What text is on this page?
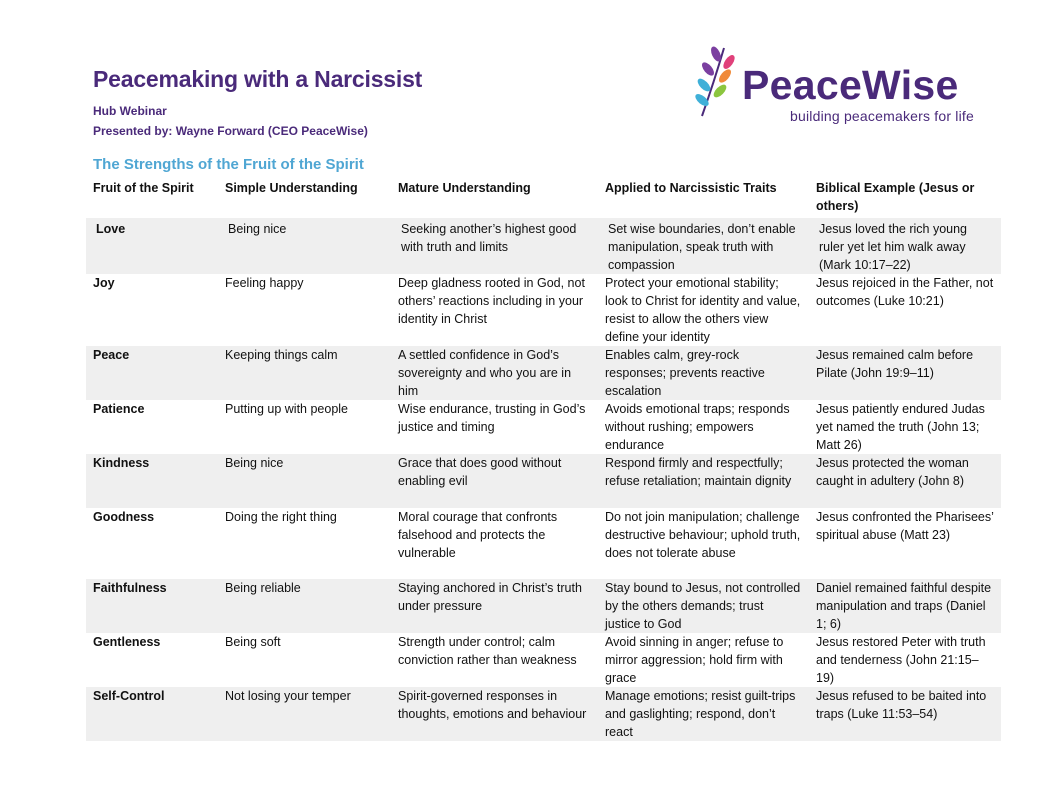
Peacemaking with a Narcissist
Hub Webinar
Presented by: Wayne Forward (CEO PeaceWise)
PeaceWise
building peacemakers for life
The Strengths of the Fruit of the Spirit
Fruit of the Spirit	Simple Understanding	Mature Understanding	Applied to Narcissistic Traits	Biblical Example (Jesus or others)
Love	Being nice	Seeking another’s highest good with truth and limits	Set wise boundaries, don’t enable manipulation, speak truth with compassion	Jesus loved the rich young ruler yet let him walk away (Mark 10:17–22)
Joy	Feeling happy	Deep gladness rooted in God, not others’ reactions including in your identity in Christ	Protect your emotional stability; look to Christ for identity and value, resist to allow the others view define your identity	Jesus rejoiced in the Father, not outcomes (Luke 10:21)
Peace	Keeping things calm	A settled confidence in God’s sovereignty and who you are in him	Enables calm, grey-rock responses; prevents reactive escalation	Jesus remained calm before Pilate (John 19:9–11)
Patience	Putting up with people	Wise endurance, trusting in God’s justice and timing	Avoids emotional traps; responds without rushing; empowers endurance	Jesus patiently endured Judas yet named the truth (John 13; Matt 26)
Kindness	Being nice	Grace that does good without enabling evil	Respond firmly and respectfully; refuse retaliation; maintain dignity	Jesus protected the woman caught in adultery (John 8)
Goodness	Doing the right thing	Moral courage that confronts falsehood and protects the vulnerable	Do not join manipulation; challenge destructive behaviour; uphold truth, does not tolerate abuse	Jesus confronted the Pharisees’ spiritual abuse (Matt 23)
Faithfulness	Being reliable	Staying anchored in Christ’s truth under pressure	Stay bound to Jesus, not controlled by the others demands; trust justice to God	Daniel remained faithful despite manipulation and traps (Daniel 1; 6)
Gentleness	Being soft	Strength under control; calm conviction rather than weakness	Avoid sinning in anger; refuse to mirror aggression; hold firm with grace	Jesus restored Peter with truth and tenderness (John 21:15–19)
Self-Control	Not losing your temper	Spirit-governed responses in thoughts, emotions and behaviour	Manage emotions; resist guilt-trips and gaslighting; respond, don’t react	Jesus refused to be baited into traps (Luke 11:53–54)
